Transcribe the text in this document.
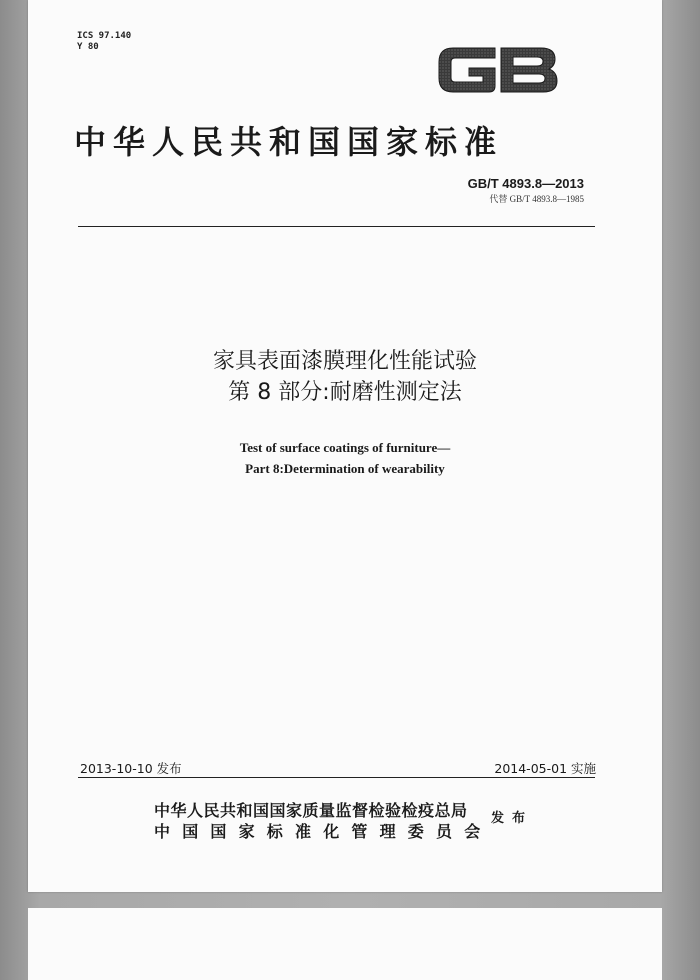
ICS 97.140
Y 80
中华人民共和国国家标准
GB/T 4893.8—2013
代替 GB/T 4893.8—1985
家具表面漆膜理化性能试验
第 8 部分:耐磨性测定法
Test of surface coatings of furniture—
Part 8:Determination of wearability
2013-10-10 发布	2014-05-01 实施
中华人民共和国国家质量监督检验检疫总局
中国国家标准化管理委员会
发布
